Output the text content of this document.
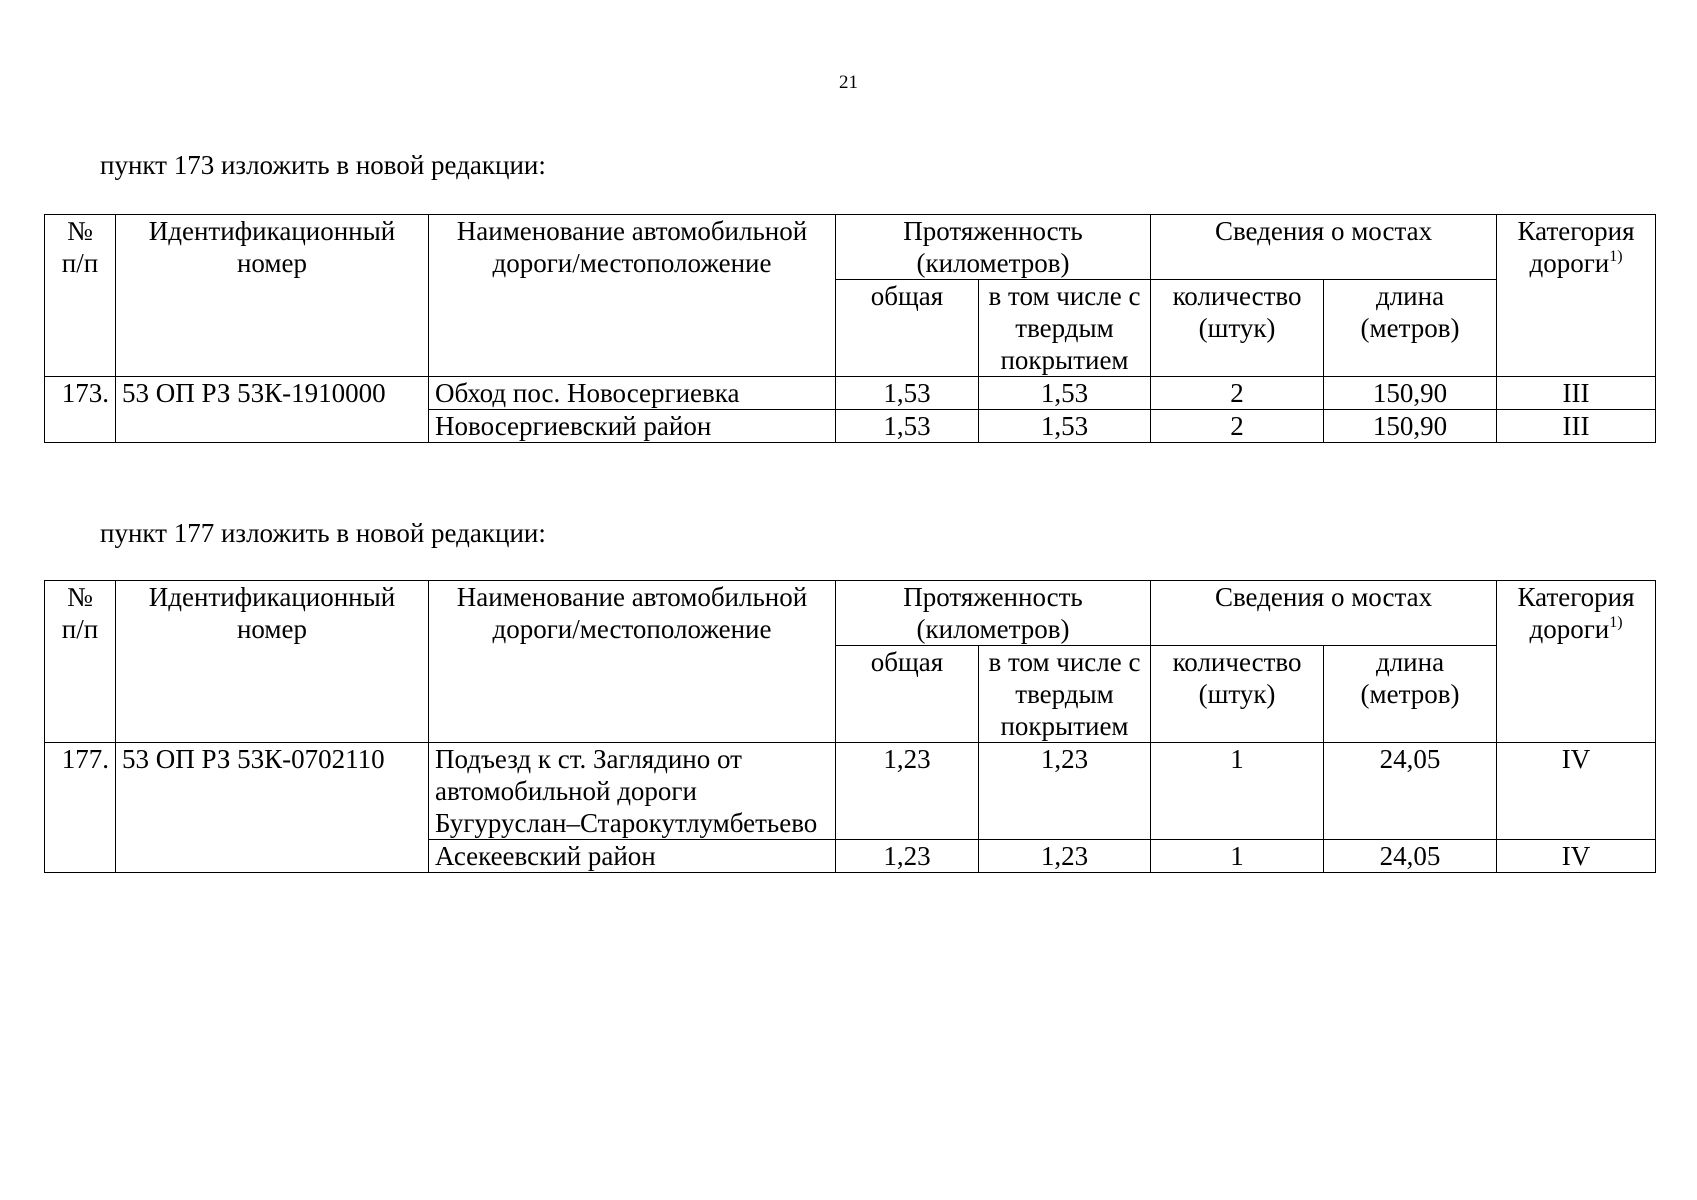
21
пункт 173 изложить в новой редакции:
№
п/п	Идентификационный номер	Наименование автомобильной дороги/местоположение	Протяженность (километров)		Сведения о мостах		Категория дороги$^{1)}$
			общая	в том числе с твердым покрытием	количество (штук)	длина (метров)	
173.	53 ОП РЗ 53К-1910000	Обход пос. Новосергиевка	1,53	1,53	2	150,90	III
		Новосергиевский район	1,53	1,53	2	150,90	III
пункт 177 изложить в новой редакции:
№
п/п	Идентификационный номер	Наименование автомобильной дороги/местоположение	Протяженность (километров)		Сведения о мостах		Категория дороги$^{1)}$
			общая	в том числе с твердым покрытием	количество (штук)	длина (метров)	
177.	53 ОП РЗ 53К-0702110	Подъезд к ст. Заглядино от автомобильной дороги Бугуруслан–Старокутлумбетьево	1,23	1,23	1	24,05	IV
		Асекеевский район	1,23	1,23	1	24,05	IV
